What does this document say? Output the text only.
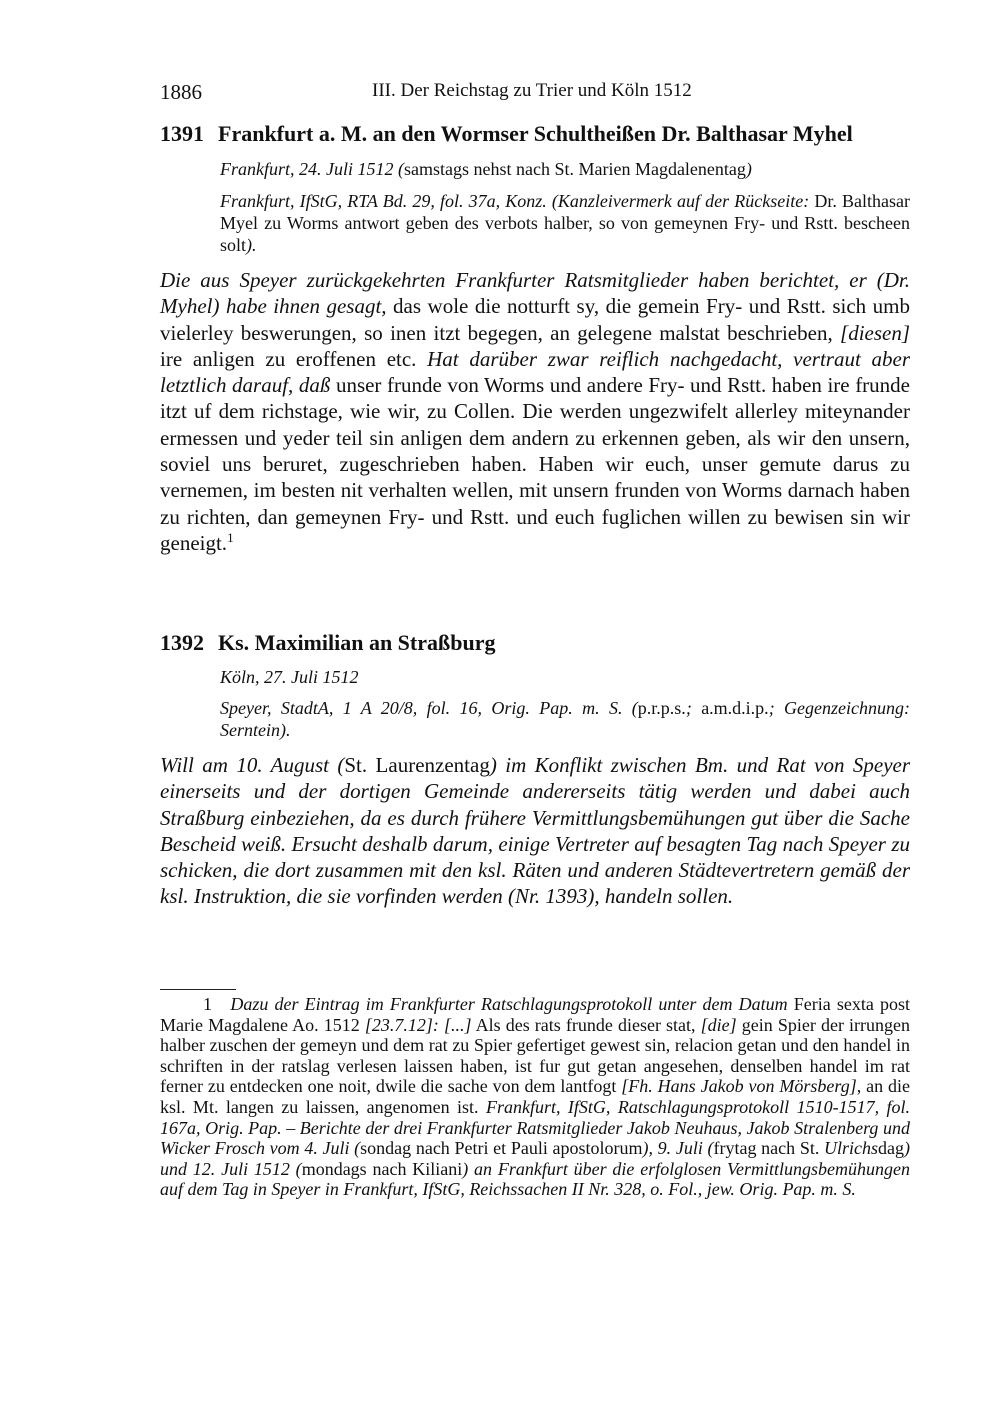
1886	III. Der Reichstag zu Trier und Köln 1512
1391 Frankfurt a. M. an den Wormser Schultheißen Dr. Balthasar Myhel
Frankfurt, 24. Juli 1512 (samstags nehst nach St. Marien Magdalenentag)
Frankfurt, IfStG, RTA Bd. 29, fol. 37a, Konz. (Kanzleivermerk auf der Rückseite: Dr. Balthasar Myel zu Worms antwort geben des verbots halber, so von gemeynen Fry- und Rstt. bescheen solt).
Die aus Speyer zurückgekehrten Frankfurter Ratsmitglieder haben berichtet, er (Dr. Myhel) habe ihnen gesagt, das wole die notturft sy, die gemein Fry- und Rstt. sich umb vielerley beswerungen, so inen itzt begegen, an gelegene malstat beschrieben, [diesen] ire anligen zu eroffenen etc. Hat darüber zwar reiflich nachgedacht, vertraut aber letztlich darauf, daß unser frunde von Worms und andere Fry- und Rstt. haben ire frunde itzt uf dem richstage, wie wir, zu Collen. Die werden ungezwifelt allerley miteynander ermessen und yeder teil sin anligen dem andern zu erkennen geben, als wir den unsern, soviel uns beruret, zugeschrieben haben. Haben wir euch, unser gemute darus zu vernemen, im besten nit verhalten wellen, mit unsern frunden von Worms darnach haben zu richten, dan gemeynen Fry- und Rstt. und euch fuglichen willen zu bewisen sin wir geneigt.$^1$
1392 Ks. Maximilian an Straßburg
Köln, 27. Juli 1512
Speyer, StadtA, 1 A 20/8, fol. 16, Orig. Pap. m. S. (p.r.p.s.; a.m.d.i.p.; Gegenzeichnung: Serntein).
Will am 10. August (St. Laurenzentag) im Konflikt zwischen Bm. und Rat von Speyer einerseits und der dortigen Gemeinde andererseits tätig werden und dabei auch Straßburg einbeziehen, da es durch frühere Vermittlungsbemühungen gut über die Sache Bescheid weiß. Ersucht deshalb darum, einige Vertreter auf besagten Tag nach Speyer zu schicken, die dort zusammen mit den ksl. Räten und anderen Städtevertretern gemäß der ksl. Instruktion, die sie vorfinden werden (Nr. 1393), handeln sollen.
1 Dazu der Eintrag im Frankfurter Ratschlagungsprotokoll unter dem Datum Feria sexta post Marie Magdalene Ao. 1512 [23.7.12]: [...] Als des rats frunde dieser stat, [die] gein Spier der irrungen halber zuschen der gemeyn und dem rat zu Spier gefertiget gewest sin, relacion getan und den handel in schriften in der ratslag verlesen laissen haben, ist fur gut getan angesehen, denselben handel im rat ferner zu entdecken one noit, dwile die sache von dem lantfogt [Fh. Hans Jakob von Mörsberg], an die ksl. Mt. langen zu laissen, angenomen ist. Frankfurt, IfStG, Ratschlagungsprotokoll 1510-1517, fol. 167a, Orig. Pap. – Berichte der drei Frankfurter Ratsmitglieder Jakob Neuhaus, Jakob Stralenberg und Wicker Frosch vom 4. Juli (sondag nach Petri et Pauli apostolorum), 9. Juli (frytag nach St. Ulrichsdag) und 12. Juli 1512 (mondags nach Kiliani) an Frankfurt über die erfolglosen Vermittlungsbemühungen auf dem Tag in Speyer in Frankfurt, IfStG, Reichssachen II Nr. 328, o. Fol., jew. Orig. Pap. m. S.
